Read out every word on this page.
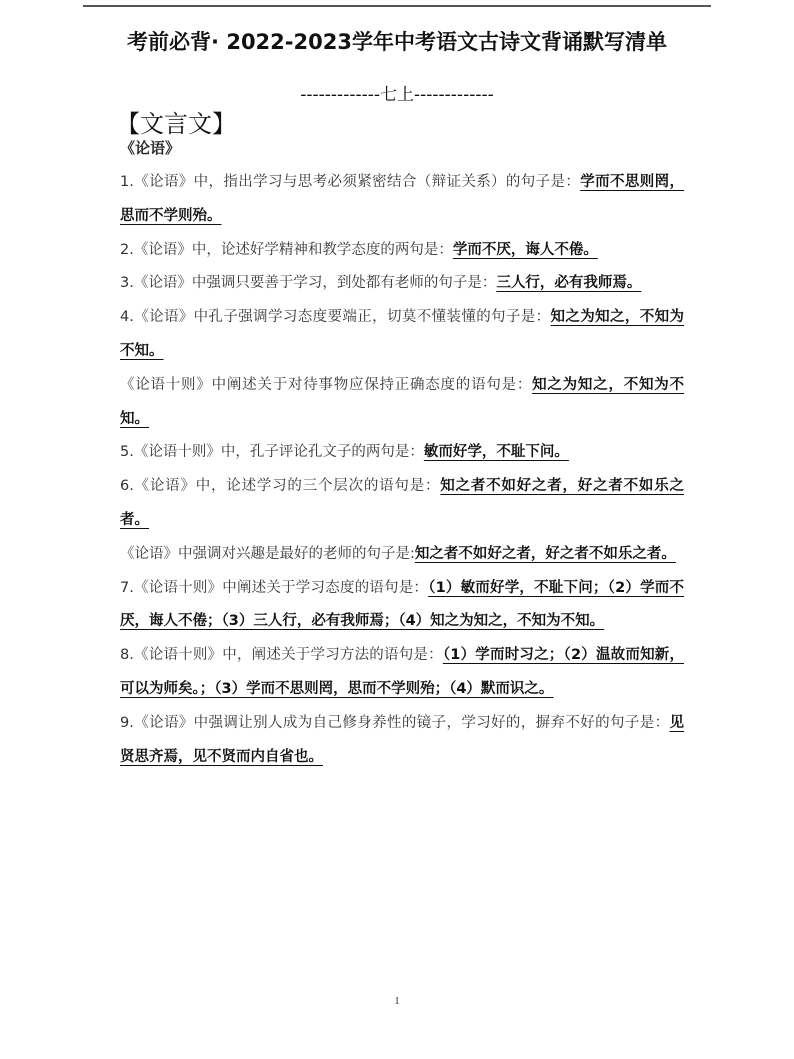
考前必背· 2022-2023学年中考语文古诗文背诵默写清单
-------------七上-------------
【文言文】
《论语》

1.《论语》中，指出学习与思考必须紧密结合（辩证关系）的句子是：学而不思则罔，思而不学则殆。

2.《论语》中，论述好学精神和教学态度的两句是：学而不厌，诲人不倦。

3.《论语》中强调只要善于学习，到处都有老师的句子是：三人行，必有我师焉。

4.《论语》中孔子强调学习态度要端正，切莫不懂装懂的句子是：知之为知之，不知为不知。

《论语十则》中阐述关于对待事物应保持正确态度的语句是：知之为知之，不知为不知。

5.《论语十则》中，孔子评论孔文子的两句是：敏而好学，不耻下问。

6.《论语》中，论述学习的三个层次的语句是：知之者不如好之者，好之者不如乐之者。

《论语》中强调对兴趣是最好的老师的句子是:知之者不如好之者，好之者不如乐之者。

7.《论语十则》中阐述关于学习态度的语句是：（1）敏而好学，不耻下问；（2）学而不厌，诲人不倦；（3）三人行，必有我师焉；（4）知之为知之，不知为不知。

8.《论语十则》中，阐述关于学习方法的语句是：（1）学而时习之；（2）温故而知新，可以为师矣。；（3）学而不思则罔，思而不学则殆；（4）默而识之。

9.《论语》中强调让别人成为自己修身养性的镜子，学习好的，摒弃不好的句子是：见贤思齐焉，见不贤而内自省也。

1
